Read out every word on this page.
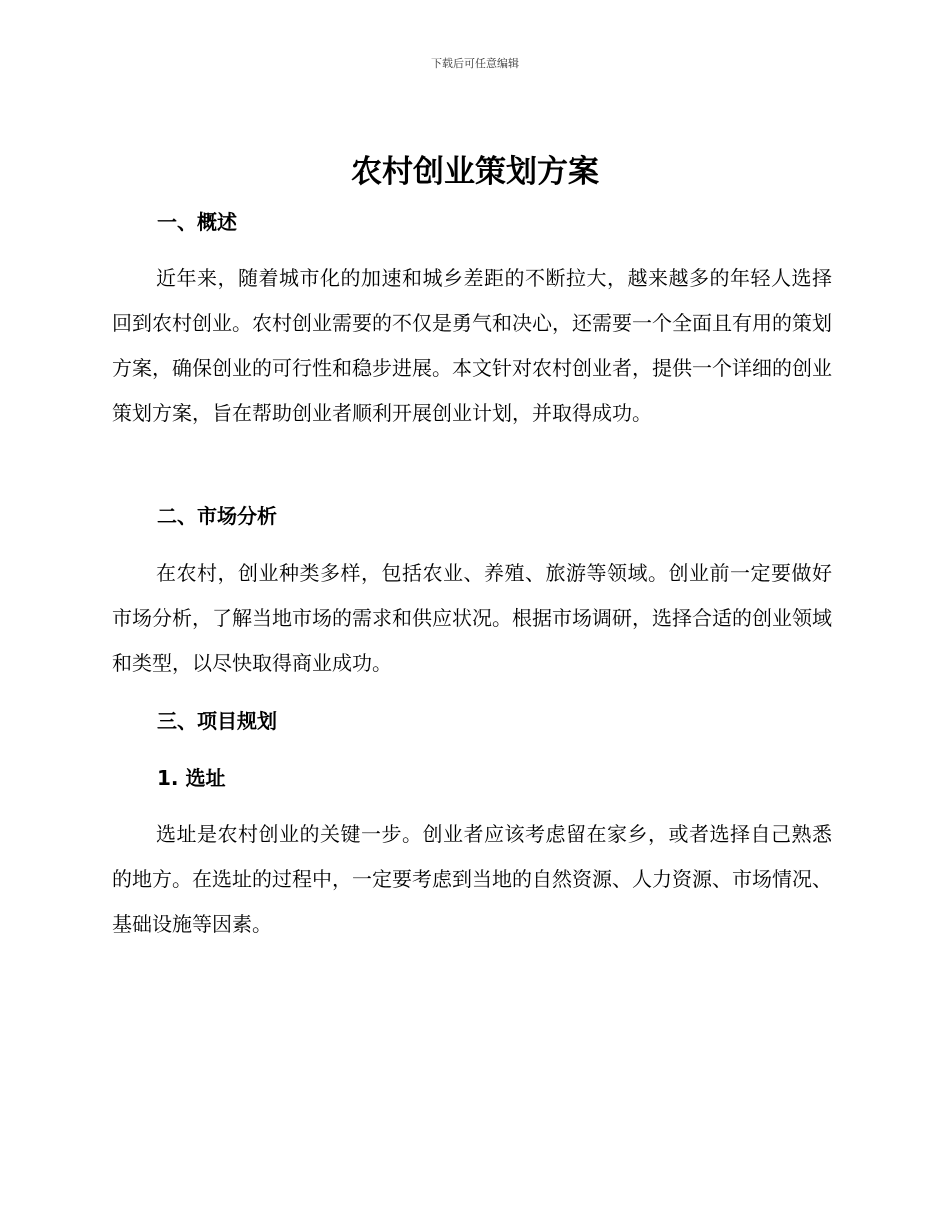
下载后可任意编辑
农村创业策划方案
一、概述
近年来，随着城市化的加速和城乡差距的不断拉大，越来越多的年轻人选择回到农村创业。农村创业需要的不仅是勇气和决心，还需要一个全面且有用的策划方案，确保创业的可行性和稳步进展。本文针对农村创业者，提供一个详细的创业策划方案，旨在帮助创业者顺利开展创业计划，并取得成功。
二、市场分析
在农村，创业种类多样，包括农业、养殖、旅游等领域。创业前一定要做好市场分析，了解当地市场的需求和供应状况。根据市场调研，选择合适的创业领域和类型，以尽快取得商业成功。
三、项目规划
1. 选址
选址是农村创业的关键一步。创业者应该考虑留在家乡，或者选择自己熟悉的地方。在选址的过程中，一定要考虑到当地的自然资源、人力资源、市场情况、基础设施等因素。
